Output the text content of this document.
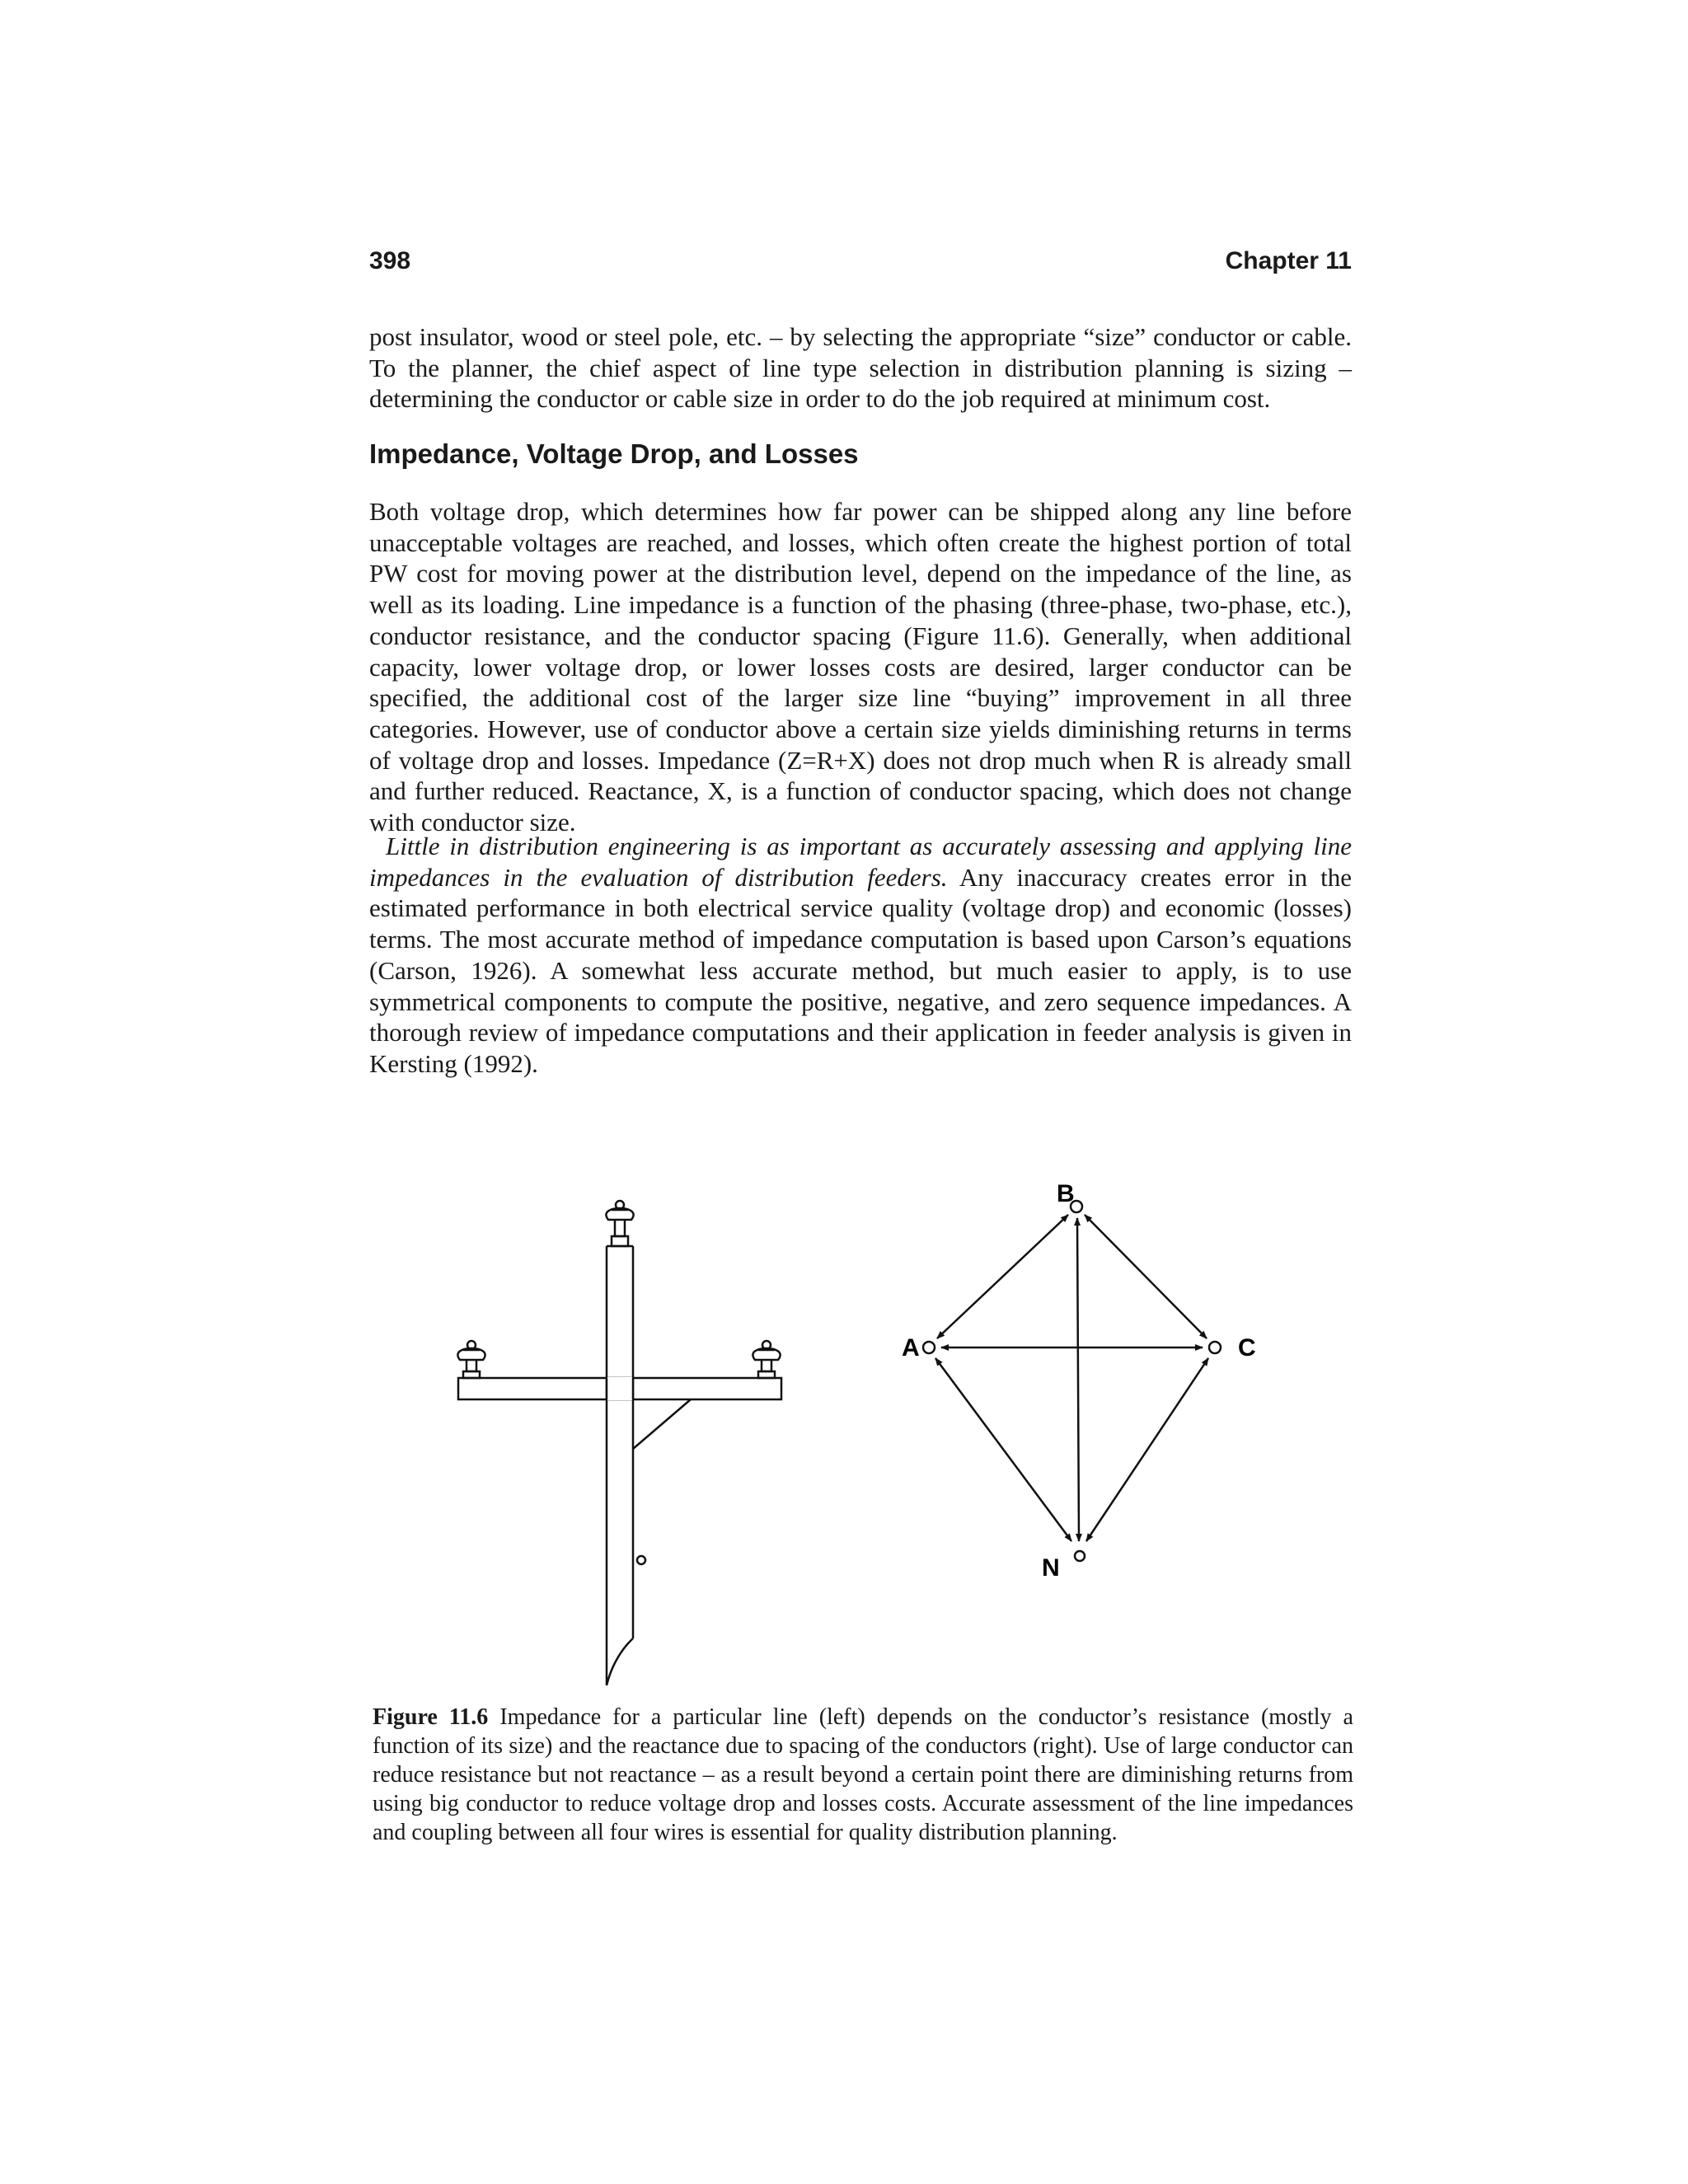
398	Chapter 11

post insulator, wood or steel pole, etc. – by selecting the appropriate “size” conductor or cable. To the planner, the chief aspect of line type selection in distribution planning is sizing – determining the conductor or cable size in order to do the job required at minimum cost.

Impedance, Voltage Drop, and Losses

Both voltage drop, which determines how far power can be shipped along any line before unacceptable voltages are reached, and losses, which often create the highest portion of total PW cost for moving power at the distribution level, depend on the impedance of the line, as well as its loading. Line impedance is a function of the phasing (three-phase, two-phase, etc.), conductor resistance, and the conductor spacing (Figure 11.6). Generally, when additional capacity, lower voltage drop, or lower losses costs are desired, larger conductor can be specified, the additional cost of the larger size line “buying” improvement in all three categories. However, use of conductor above a certain size yields diminishing returns in terms of voltage drop and losses. Impedance (Z=R+X) does not drop much when R is already small and further reduced. Reactance, X, is a function of conductor spacing, which does not change with conductor size.

Little in distribution engineering is as important as accurately assessing and applying line impedances in the evaluation of distribution feeders. Any inaccuracy creates error in the estimated performance in both electrical service quality (voltage drop) and economic (losses) terms. The most accurate method of impedance computation is based upon Carson’s equations (Carson, 1926). A somewhat less accurate method, but much easier to apply, is to use symmetrical components to compute the positive, negative, and zero sequence impedances. A thorough review of impedance computations and their application in feeder analysis is given in Kersting (1992).

B
A	C
N

Figure 11.6 Impedance for a particular line (left) depends on the conductor’s resistance (mostly a function of its size) and the reactance due to spacing of the conductors (right). Use of large conductor can reduce resistance but not reactance – as a result beyond a certain point there are diminishing returns from using big conductor to reduce voltage drop and losses costs. Accurate assessment of the line impedances and coupling between all four wires is essential for quality distribution planning.
